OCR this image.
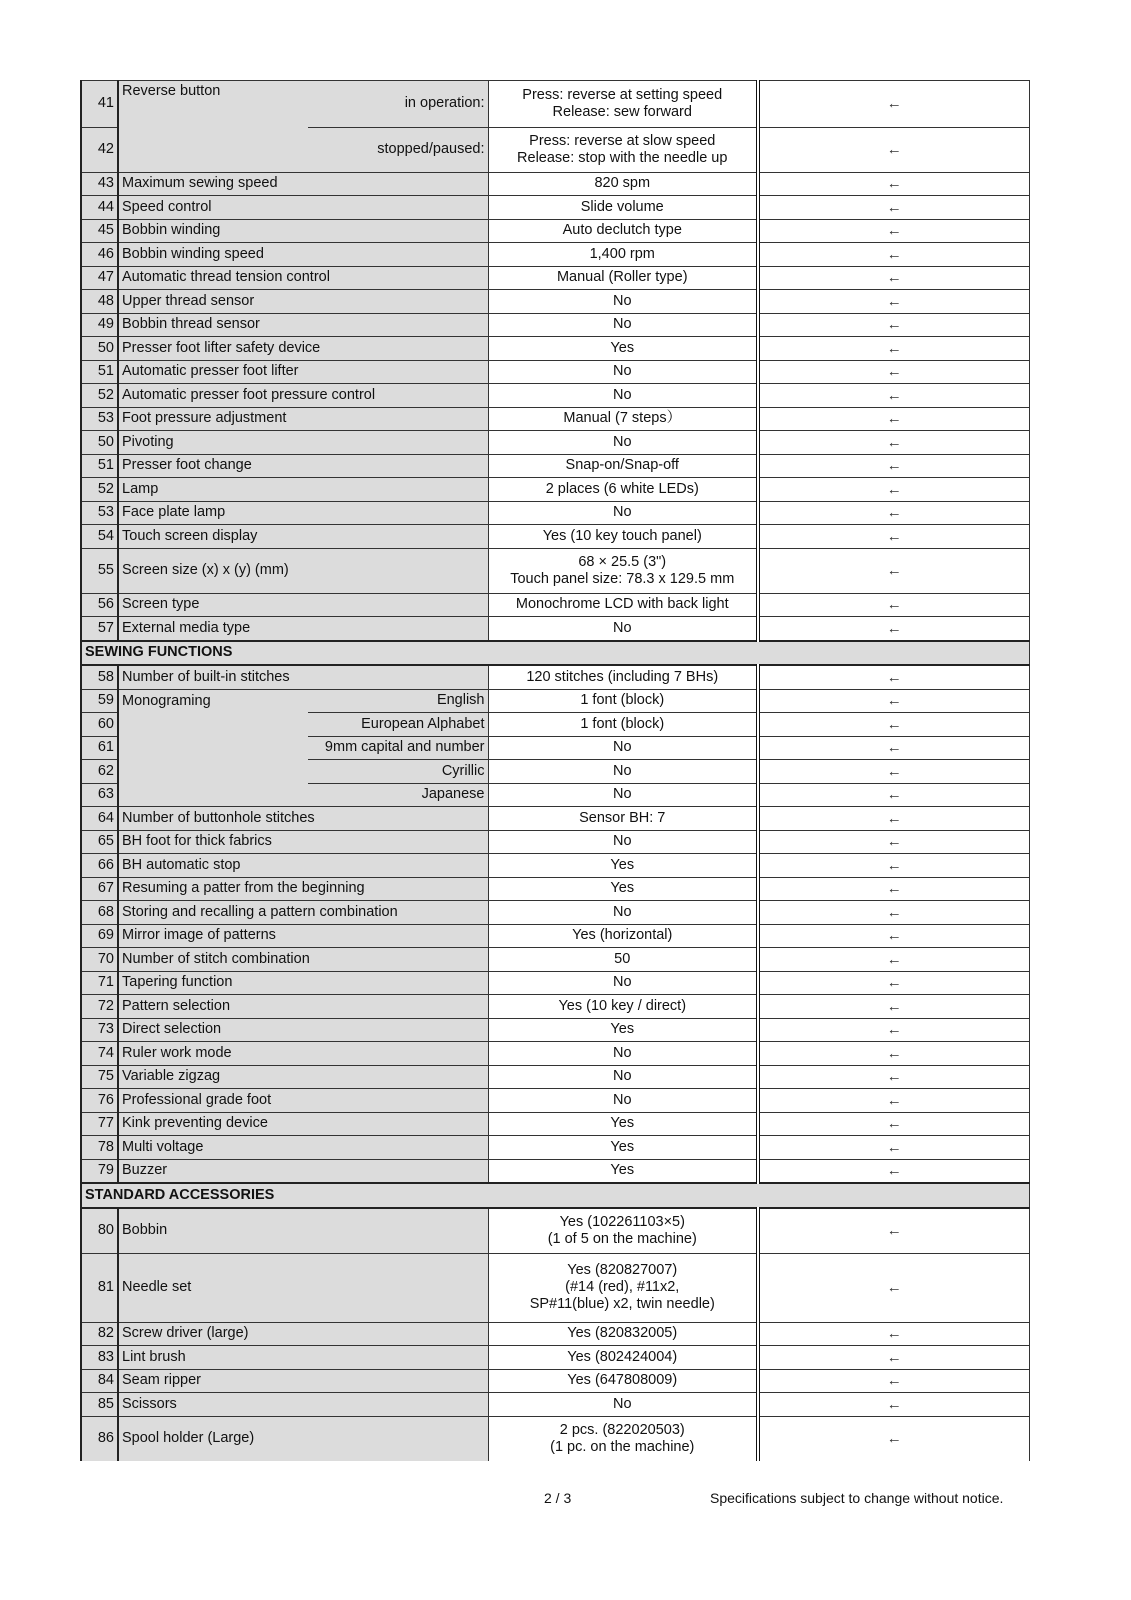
41	Reverse button	in operation:	Press: reverse at setting speed
Release: sew forward	←
42		stopped/paused:	Press: reverse at slow speed
Release: stop with the needle up	←
43	Maximum sewing speed		820 spm	←
44	Speed control		Slide volume	←
45	Bobbin winding		Auto declutch type	←
46	Bobbin winding speed		1,400 rpm	←
47	Automatic thread tension control		Manual (Roller type)	←
48	Upper thread sensor		No	←
49	Bobbin thread sensor		No	←
50	Presser foot lifter safety device		Yes	←
51	Automatic presser foot lifter		No	←
52	Automatic presser foot pressure control		No	←
53	Foot pressure adjustment		Manual (7 steps）	←
50	Pivoting		No	←
51	Presser foot change		Snap-on/Snap-off	←
52	Lamp		2 places (6 white LEDs)	←
53	Face plate lamp		No	←
54	Touch screen display		Yes (10 key touch panel)	←
55	Screen size (x) x (y) (mm)		68 × 25.5 (3")
Touch panel size: 78.3 x 129.5 mm	←
56	Screen type		Monochrome LCD with back light	←
57	External media type		No	←
SEWING FUNCTIONS				
58	Number of built-in stitches		120 stitches (including 7 BHs)	←
59	Monograming	English	1 font (block)	←
60		European Alphabet	1 font (block)	←
61		9mm capital and number	No	←
62		Cyrillic	No	←
63		Japanese	No	←
64	Number of buttonhole stitches		Sensor BH: 7	←
65	BH foot for thick fabrics		No	←
66	BH automatic stop		Yes	←
67	Resuming a patter from the beginning		Yes	←
68	Storing and recalling a pattern combination		No	←
69	Mirror image of patterns		Yes (horizontal)	←
70	Number of stitch combination		50	←
71	Tapering function		No	←
72	Pattern selection		Yes (10 key / direct)	←
73	Direct selection		Yes	←
74	Ruler work mode		No	←
75	Variable zigzag		No	←
76	Professional grade foot		No	←
77	Kink preventing device		Yes	←
78	Multi voltage		Yes	←
79	Buzzer		Yes	←
STANDARD ACCESSORIES				
80	Bobbin		Yes (102261103×5)
(1 of 5 on the machine)	←
81	Needle set		Yes (820827007)
(#14 (red), #11x2,
SP#11(blue) x2, twin needle)	←
82	Screw driver (large)		Yes (820832005)	←
83	Lint brush		Yes (802424004)	←
84	Seam ripper		Yes (647808009)	←
85	Scissors		No	←
86	Spool holder (Large)		2 pcs. (822020503)
(1 pc. on the machine)	←
2 / 3	Specifications subject to change without notice.
